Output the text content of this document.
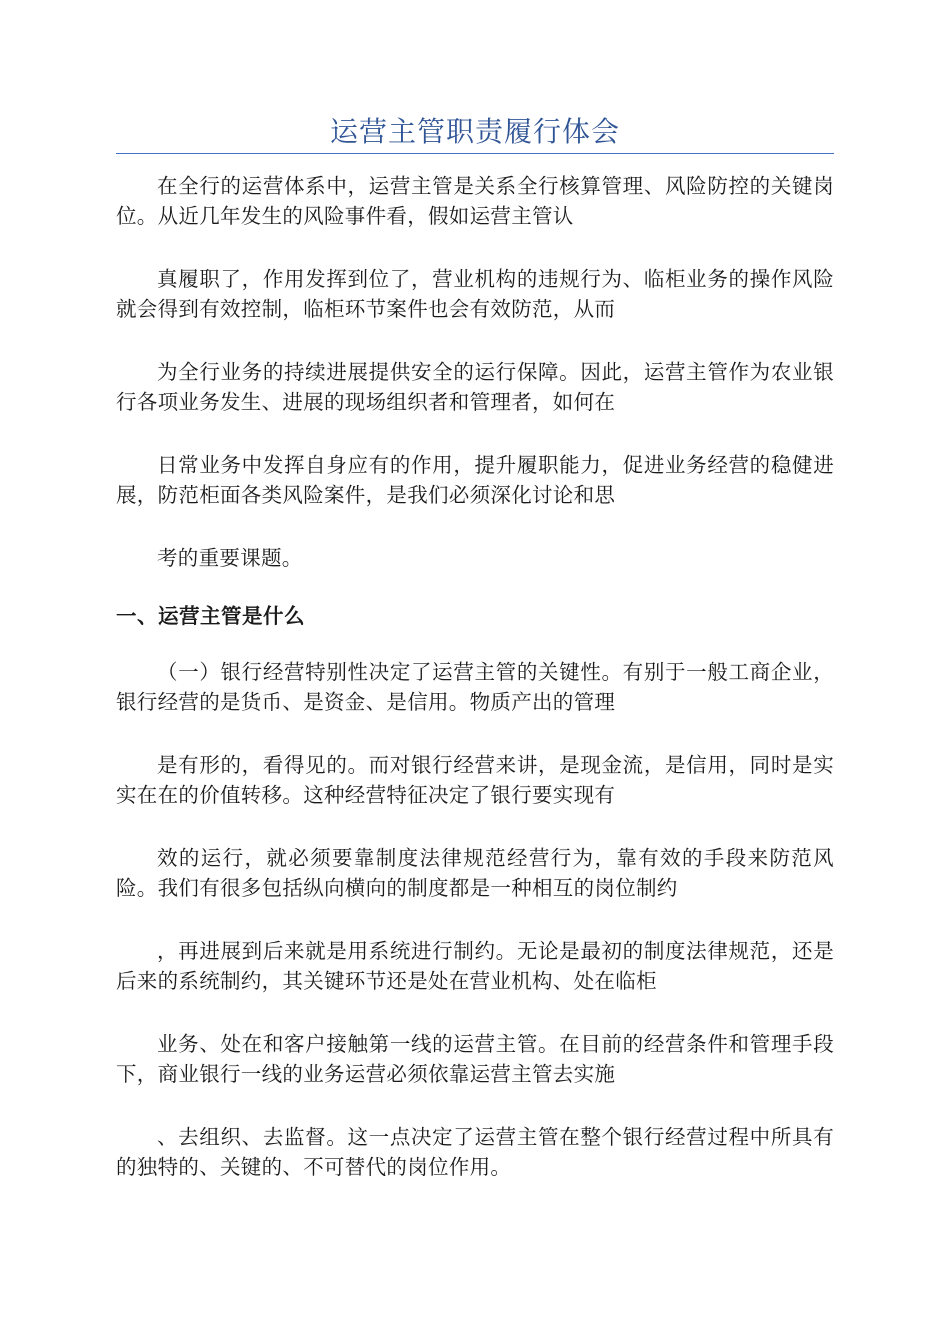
运营主管职责履行体会

在全行的运营体系中，运营主管是关系全行核算管理、风险防控的关键岗位。从近几年发生的风险事件看，假如运营主管认

真履职了，作用发挥到位了，营业机构的违规行为、临柜业务的操作风险就会得到有效控制，临柜环节案件也会有效防范，从而

为全行业务的持续进展提供安全的运行保障。因此，运营主管作为农业银行各项业务发生、进展的现场组织者和管理者，如何在

日常业务中发挥自身应有的作用，提升履职能力，促进业务经营的稳健进展，防范柜面各类风险案件，是我们必须深化讨论和思

考的重要课题。

一、运营主管是什么

（一）银行经营特别性决定了运营主管的关键性。有别于一般工商企业，银行经营的是货币、是资金、是信用。物质产出的管理

是有形的，看得见的。而对银行经营来讲，是现金流，是信用，同时是实实在在的价值转移。这种经营特征决定了银行要实现有

效的运行，就必须要靠制度法律规范经营行为，靠有效的手段来防范风险。我们有很多包括纵向横向的制度都是一种相互的岗位制约

，再进展到后来就是用系统进行制约。无论是最初的制度法律规范，还是后来的系统制约，其关键环节还是处在营业机构、处在临柜

业务、处在和客户接触第一线的运营主管。在目前的经营条件和管理手段下，商业银行一线的业务运营必须依靠运营主管去实施

、去组织、去监督。这一点决定了运营主管在整个银行经营过程中所具有的独特的、关键的、不可替代的岗位作用。
